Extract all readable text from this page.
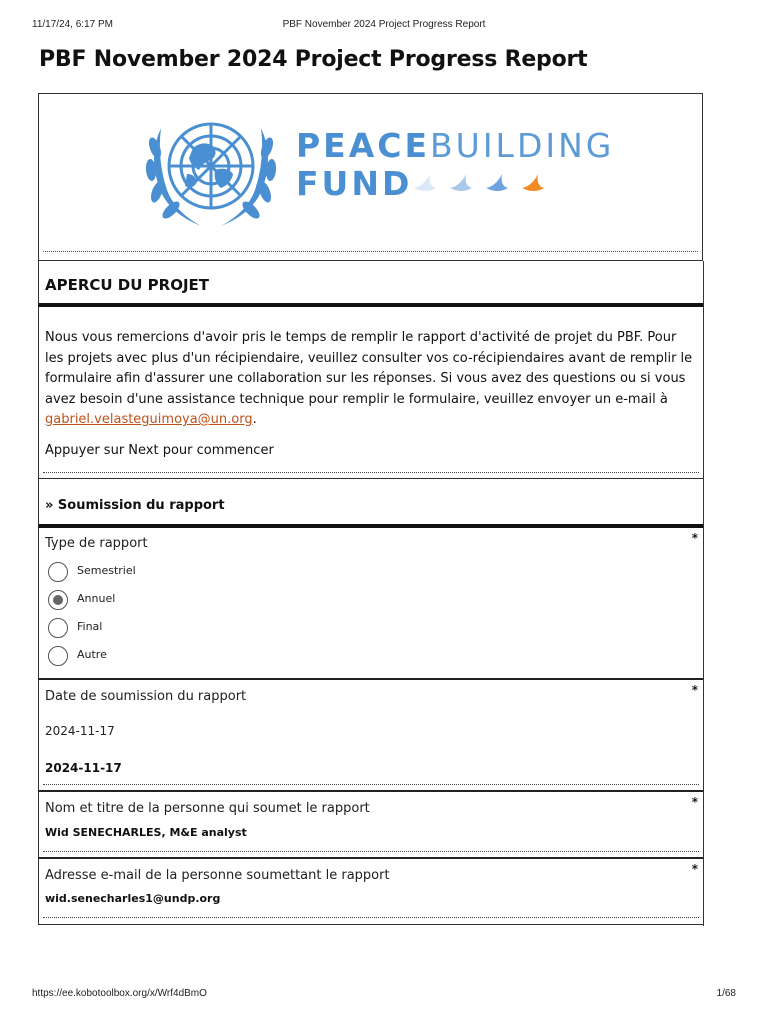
11/17/24, 6:17 PM	PBF November 2024 Project Progress Report
PBF November 2024 Project Progress Report
PEACEBUILDING
FUND
APERCU DU PROJET

Nous vous remercions d'avoir pris le temps de remplir le rapport d'activité de projet du PBF. Pour les projets avec plus d'un récipiendaire, veuillez consulter vos co-récipiendaires avant de remplir le formulaire afin d'assurer une collaboration sur les réponses. Si vous avez des questions ou si vous avez besoin d'une assistance technique pour remplir le formulaire, veuillez envoyer un e-mail à gabriel.velasteguimoya@un.org.

Appuyer sur Next pour commencer

» Soumission du rapport
*
Type de rapport
Semestriel
Annuel
Final
Autre
*
Date de soumission du rapport
2024-11-17
2024-11-17
*
Nom et titre de la personne qui soumet le rapport
Wid SENECHARLES, M&E analyst
*
Adresse e-mail de la personne soumettant le rapport
wid.senecharles1@undp.org
https://ee.kobotoolbox.org/x/Wrf4dBmO	1/68
